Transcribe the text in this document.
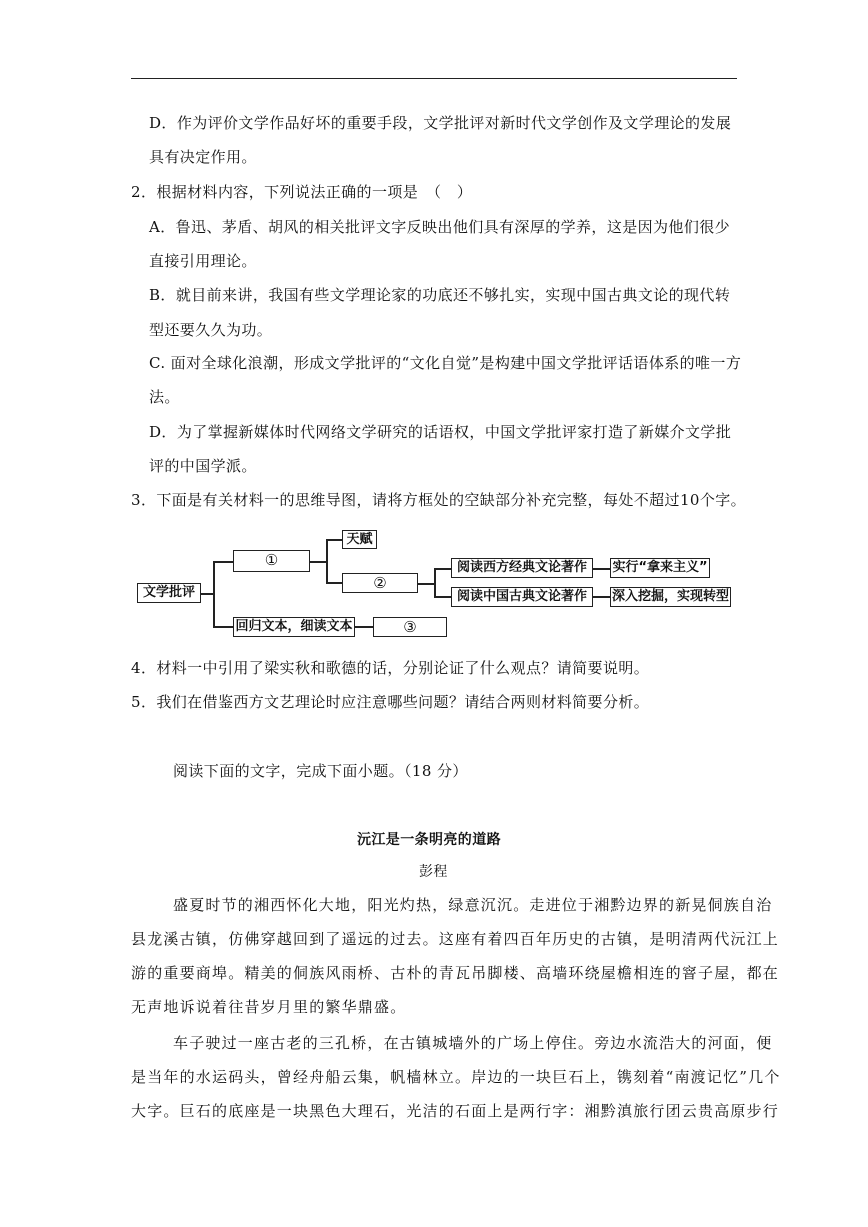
D．作为评价文学作品好坏的重要手段，文学批评对新时代文学创作及文学理论的发展
具有决定作用。
2．根据材料内容，下列说法正确的一项是　（　）
A．鲁迅、茅盾、胡风的相关批评文字反映出他们具有深厚的学养，这是因为他们很少
直接引用理论。
B．就目前来讲，我国有些文学理论家的功底还不够扎实，实现中国古典文论的现代转
型还要久久为功。
C. 面对全球化浪潮，形成文学批评的“文化自觉”是构建中国文学批评话语体系的唯一方
法。
D．为了掌握新媒体时代网络文学研究的话语权，中国文学批评家打造了新媒介文学批
评的中国学派。
3．下面是有关材料一的思维导图，请将方框处的空缺部分补充完整，每处不超过10个字。
文学批评
①
天赋
②
阅读西方经典文论著作	实行“拿来主义”
阅读中国古典文论著作	深入挖掘，实现转型
回归文本，细读文本	③
4．材料一中引用了梁实秋和歌德的话，分别论证了什么观点？请简要说明。
5．我们在借鉴西方文艺理论时应注意哪些问题？请结合两则材料简要分析。
阅读下面的文字，完成下面小题。（18 分）
沅江是一条明亮的道路
彭程
盛夏时节的湘西怀化大地，阳光灼热，绿意沉沉。走进位于湘黔边界的新晃侗族自治
县龙溪古镇，仿佛穿越回到了遥远的过去。这座有着四百年历史的古镇，是明清两代沅江上
游的重要商埠。精美的侗族风雨桥、古朴的青瓦吊脚楼、高墙环绕屋檐相连的窨子屋，都在
无声地诉说着往昔岁月里的繁华鼎盛。
车子驶过一座古老的三孔桥，在古镇城墙外的广场上停住。旁边水流浩大的河面，便
是当年的水运码头，曾经舟船云集，帆樯林立。岸边的一块巨石上，镌刻着“南渡记忆”几个
大字。巨石的底座是一块黑色大理石，光洁的石面上是两行字：湘黔滇旅行团云贵高原步行
